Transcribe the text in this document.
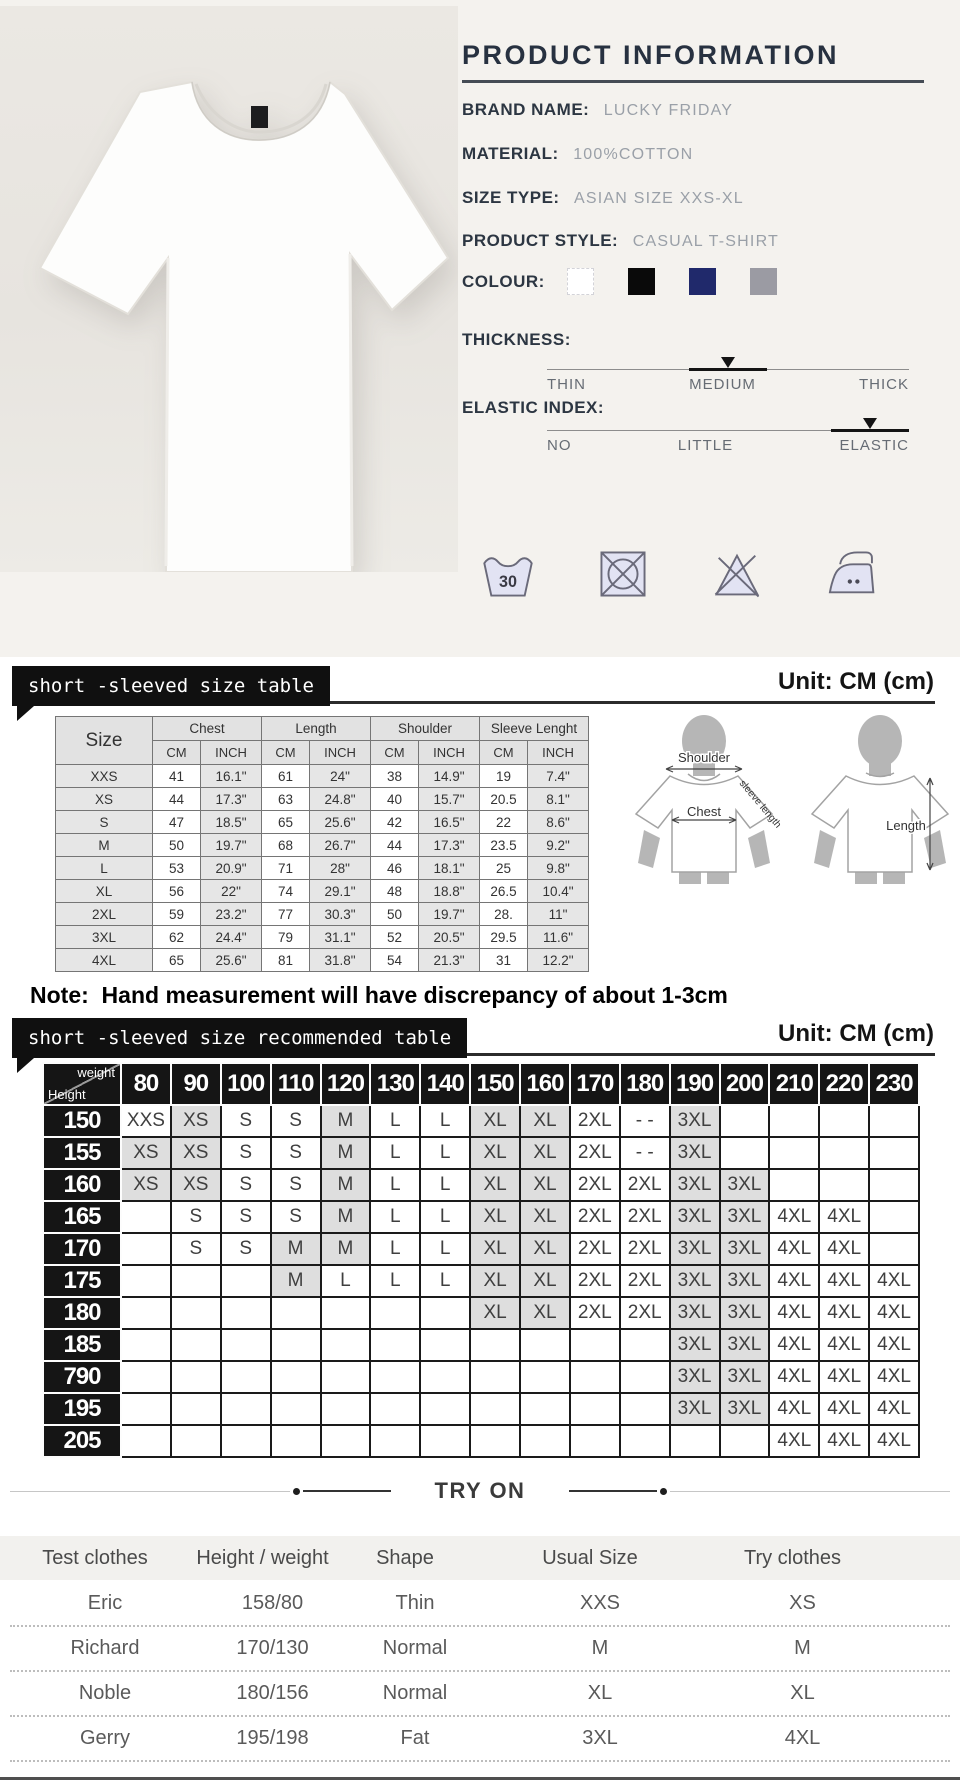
PRODUCT INFORMATION
BRAND NAME: LUCKY FRIDAY
MATERIAL: 100%COTTON
SIZE TYPE: ASIAN SIZE XXS-XL
PRODUCT STYLE: CASUAL T-SHIRT
COLOUR:
THICKNESS:
THIN	MEDIUM	THICK
ELASTIC INDEX:
NO	LITTLE	ELASTIC
30
short -sleeved size table	Unit: CM (cm)
Size	Chest		Length		Shoulder		Sleeve Lenght	
	CM	INCH	CM	INCH	CM	INCH	CM	INCH
XXS	41	16.1"	61	24"	38	14.9"	19	7.4"
XS	44	17.3"	63	24.8"	40	15.7"	20.5	8.1"
S	47	18.5"	65	25.6"	42	16.5"	22	8.6"
M	50	19.7"	68	26.7"	44	17.3"	23.5	9.2"
L	53	20.9"	71	28"	46	18.1"	25	9.8"
XL	56	22"	74	29.1"	48	18.8"	26.5	10.4"
2XL	59	23.2"	77	30.3"	50	19.7"	28.	11"
3XL	62	24.4"	79	31.1"	52	20.5"	29.5	11.6"
4XL	65	25.6"	81	31.8"	54	21.3"	31	12.2"
Shoulder
Chest sleeve length	Length
Note:  Hand measurement will have discrepancy of about 1-3cm
short -sleeved size recommended table	Unit: CM (cm)
weight
Height	80	90	100	110	120	130	140	150	160	170	180	190	200	210	220	230
150	XXS	XS	S	S	M	L	L	XL	XL	2XL	- -	3XL				
155	XS	XS	S	S	M	L	L	XL	XL	2XL	- -	3XL				
160	XS	XS	S	S	M	L	L	XL	XL	2XL	2XL	3XL	3XL			
165		S	S	S	M	L	L	XL	XL	2XL	2XL	3XL	3XL	4XL	4XL	
170		S	S	M	M	L	L	XL	XL	2XL	2XL	3XL	3XL	4XL	4XL	
175				M	L	L	L	XL	XL	2XL	2XL	3XL	3XL	4XL	4XL	4XL
180								XL	XL	2XL	2XL	3XL	3XL	4XL	4XL	4XL
185												3XL	3XL	4XL	4XL	4XL
790												3XL	3XL	4XL	4XL	4XL
195												3XL	3XL	4XL	4XL	4XL
205														4XL	4XL	4XL
TRY ON
Test clothes	Height / weight	Shape	Usual Size	Try clothes
Eric	158/80	Thin	XXS	XS
Richard	170/130	Normal	M	M
Noble	180/156	Normal	XL	XL
Gerry	195/198	Fat	3XL	4XL
